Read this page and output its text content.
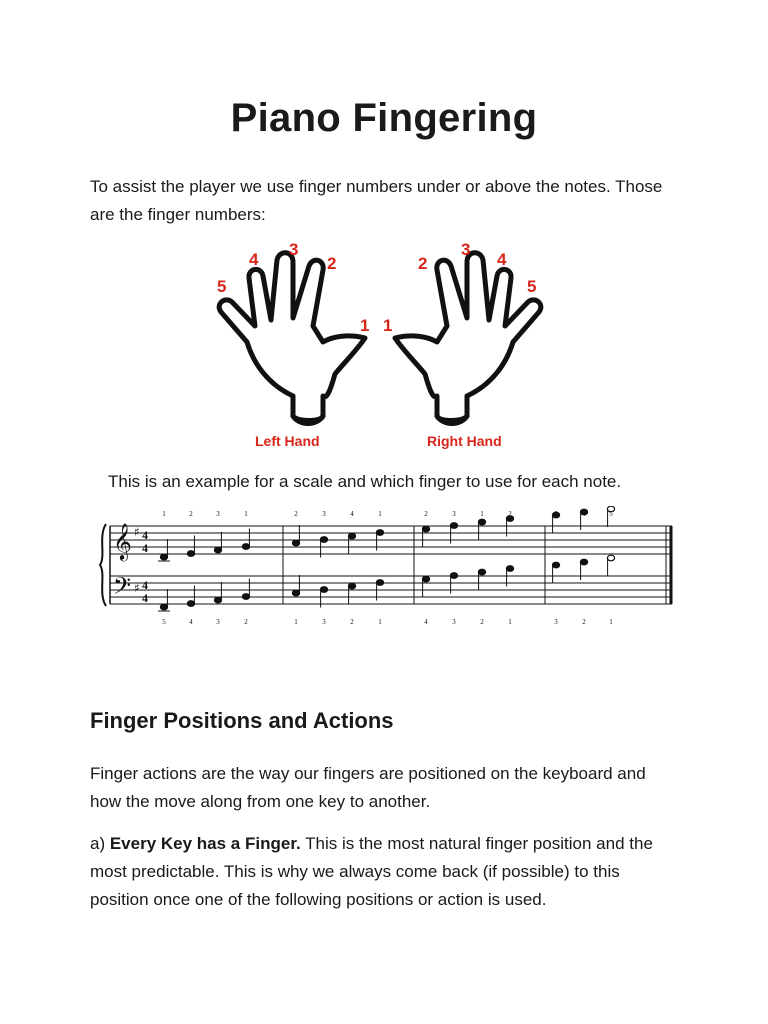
Piano Fingering

To assist the player we use finger numbers under or above the notes. Those are the finger numbers:

5
4
3
2
1 1
2
3
4
5
Left Hand	Right Hand

This is an example for a scale and which finger to use for each note.

𝄞
𝄢
♯
♯
4
4
4
4
1
5
2
4
3
3
1
2
2
1
3
3
4
2
1
1
2
4
3
3
1
2
2
1
3
3
4
2
5
1
Finger Positions and Actions

Finger actions are the way our fingers are positioned on the keyboard and how the move along from one key to another.

a) Every Key has a Finger. This is the most natural finger position and the most predictable. This is why we always come back (if possible) to this position once one of the following positions or action is used.
